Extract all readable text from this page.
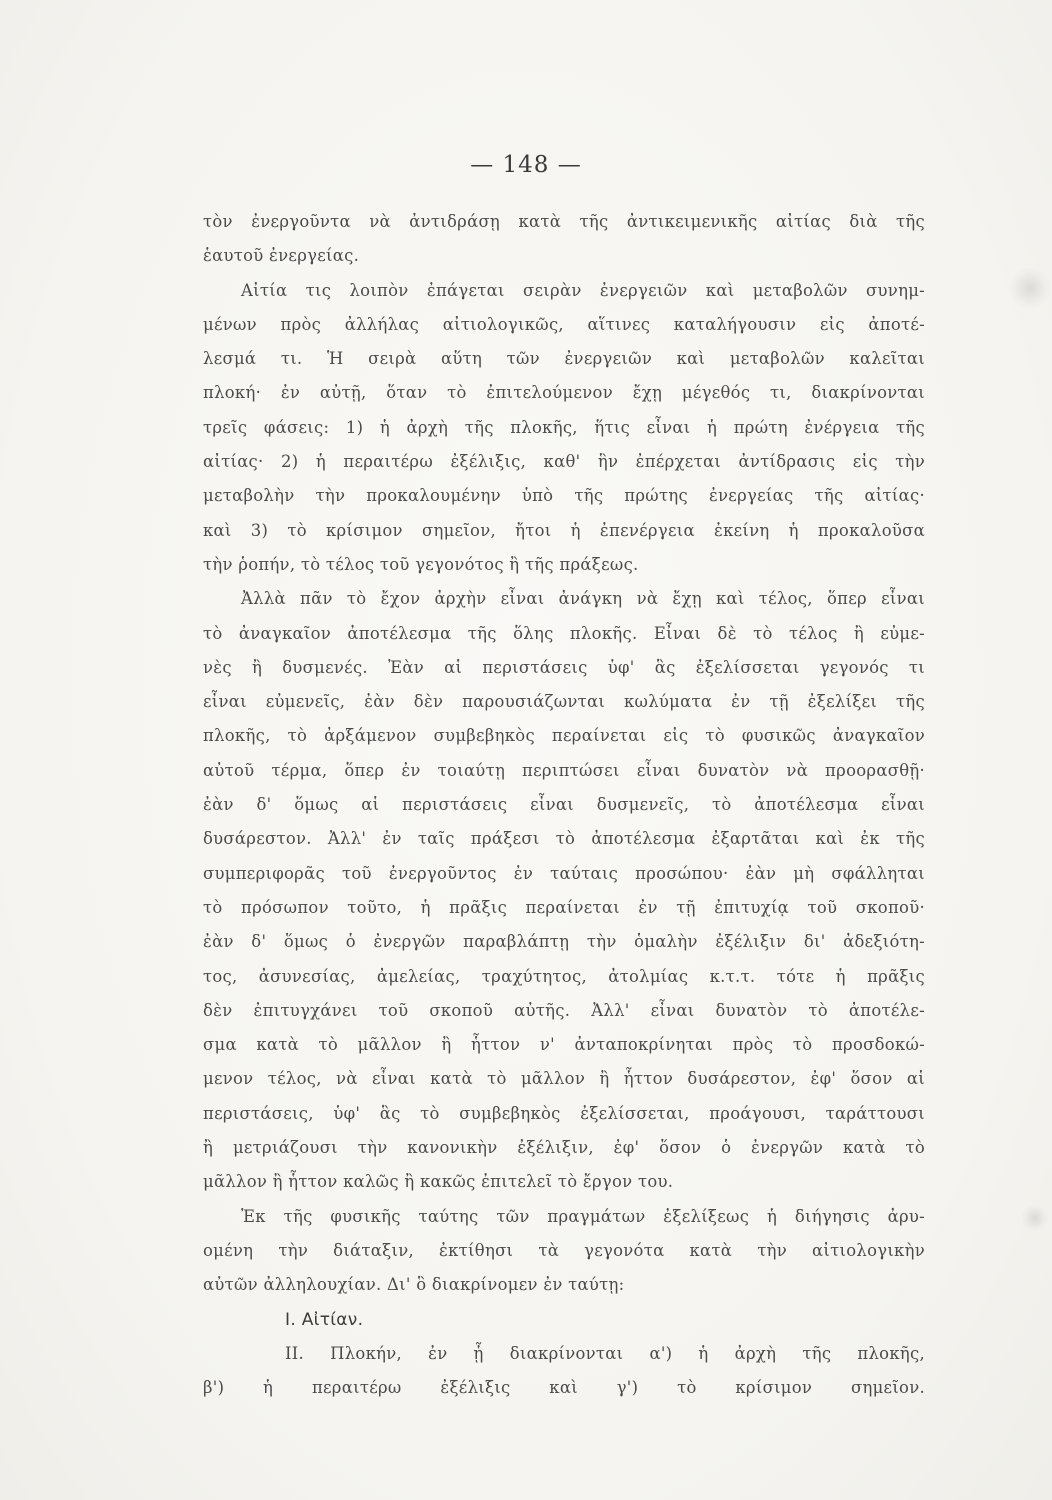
— 148 —
τὸν ἐνεργοῦντα νὰ ἀντιδράσῃ κατὰ τῆς ἀντικειμενικῆς αἰτίας διὰ τῆς
ἑαυτοῦ ἐνεργείας.
Αἰτία τις λοιπὸν ἐπάγεται σειρὰν ἐνεργειῶν καὶ μεταβολῶν συνημ-
μένων πρὸς ἀλλήλας αἰτιολογικῶς, αἵτινες καταλήγουσιν εἰς ἀποτέ-
λεσμά τι. Ἡ σειρὰ αὕτη τῶν ἐνεργειῶν καὶ μεταβολῶν καλεῖται
πλοκή· ἐν αὐτῇ, ὅταν τὸ ἐπιτελούμενον ἔχῃ μέγεθός τι, διακρίνονται
τρεῖς φάσεις: 1) ἡ ἀρχὴ τῆς πλοκῆς, ἥτις εἶναι ἡ πρώτη ἐνέργεια τῆς
αἰτίας· 2) ἡ περαιτέρω ἐξέλιξις, καθ' ἣν ἐπέρχεται ἀντίδρασις εἰς τὴν
μεταβολὴν τὴν προκαλουμένην ὑπὸ τῆς πρώτης ἐνεργείας τῆς αἰτίας·
καὶ 3) τὸ κρίσιμον σημεῖον, ἤτοι ἡ ἐπενέργεια ἐκείνη ἡ προκαλοῦσα
τὴν ῥοπήν, τὸ τέλος τοῦ γεγονότος ἢ τῆς πράξεως.
Ἀλλὰ πᾶν τὸ ἔχον ἀρχὴν εἶναι ἀνάγκη νὰ ἔχῃ καὶ τέλος, ὅπερ εἶναι
τὸ ἀναγκαῖον ἀποτέλεσμα τῆς ὅλης πλοκῆς. Εἶναι δὲ τὸ τέλος ἢ εὐμε-
νὲς ἢ δυσμενές. Ἐὰν αἱ περιστάσεις ὑφ' ἃς ἐξελίσσεται γεγονός τι
εἶναι εὐμενεῖς, ἐὰν δὲν παρουσιάζωνται κωλύματα ἐν τῇ ἐξελίξει τῆς
πλοκῆς, τὸ ἀρξάμενον συμβεβηκὸς περαίνεται εἰς τὸ φυσικῶς ἀναγκαῖον
αὐτοῦ τέρμα, ὅπερ ἐν τοιαύτῃ περιπτώσει εἶναι δυνατὸν νὰ προορασθῇ·
ἐὰν δ' ὅμως αἱ περιστάσεις εἶναι δυσμενεῖς, τὸ ἀποτέλεσμα εἶναι
δυσάρεστον. Ἀλλ' ἐν ταῖς πράξεσι τὸ ἀποτέλεσμα ἐξαρτᾶται καὶ ἐκ τῆς
συμπεριφορᾶς τοῦ ἐνεργοῦντος ἐν ταύταις προσώπου· ἐὰν μὴ σφάλληται
τὸ πρόσωπον τοῦτο, ἡ πρᾶξις περαίνεται ἐν τῇ ἐπιτυχίᾳ τοῦ σκοποῦ·
ἐὰν δ' ὅμως ὁ ἐνεργῶν παραβλάπτῃ τὴν ὁμαλὴν ἐξέλιξιν δι' ἀδεξιότη-
τος, ἀσυνεσίας, ἀμελείας, τραχύτητος, ἀτολμίας κ.τ.τ. τότε ἡ πρᾶξις
δὲν ἐπιτυγχάνει τοῦ σκοποῦ αὐτῆς. Ἀλλ' εἶναι δυνατὸν τὸ ἀποτέλε-
σμα κατὰ τὸ μᾶλλον ἢ ἧττον ν' ἀνταποκρίνηται πρὸς τὸ προσδοκώ-
μενον τέλος, νὰ εἶναι κατὰ τὸ μᾶλλον ἢ ἧττον δυσάρεστον, ἐφ' ὅσον αἱ
περιστάσεις, ὑφ' ἃς τὸ συμβεβηκὸς ἐξελίσσεται, προάγουσι, ταράττουσι
ἢ μετριάζουσι τὴν κανονικὴν ἐξέλιξιν, ἐφ' ὅσον ὁ ἐνεργῶν κατὰ τὸ
μᾶλλον ἢ ἧττον καλῶς ἢ κακῶς ἐπιτελεῖ τὸ ἔργον του.
Ἐκ τῆς φυσικῆς ταύτης τῶν πραγμάτων ἐξελίξεως ἡ διήγησις ἀρυ-
ομένη τὴν διάταξιν, ἐκτίθησι τὰ γεγονότα κατὰ τὴν αἰτιολογικὴν
αὐτῶν ἀλληλουχίαν. Δι' ὃ διακρίνομεν ἐν ταύτῃ:
I. Αἰτίαν.
II. Πλοκήν, ἐν ᾗ διακρίνονται α') ἡ ἀρχὴ τῆς πλοκῆς,
β') ἡ περαιτέρω ἐξέλιξις καὶ γ') τὸ κρίσιμον σημεῖον.
